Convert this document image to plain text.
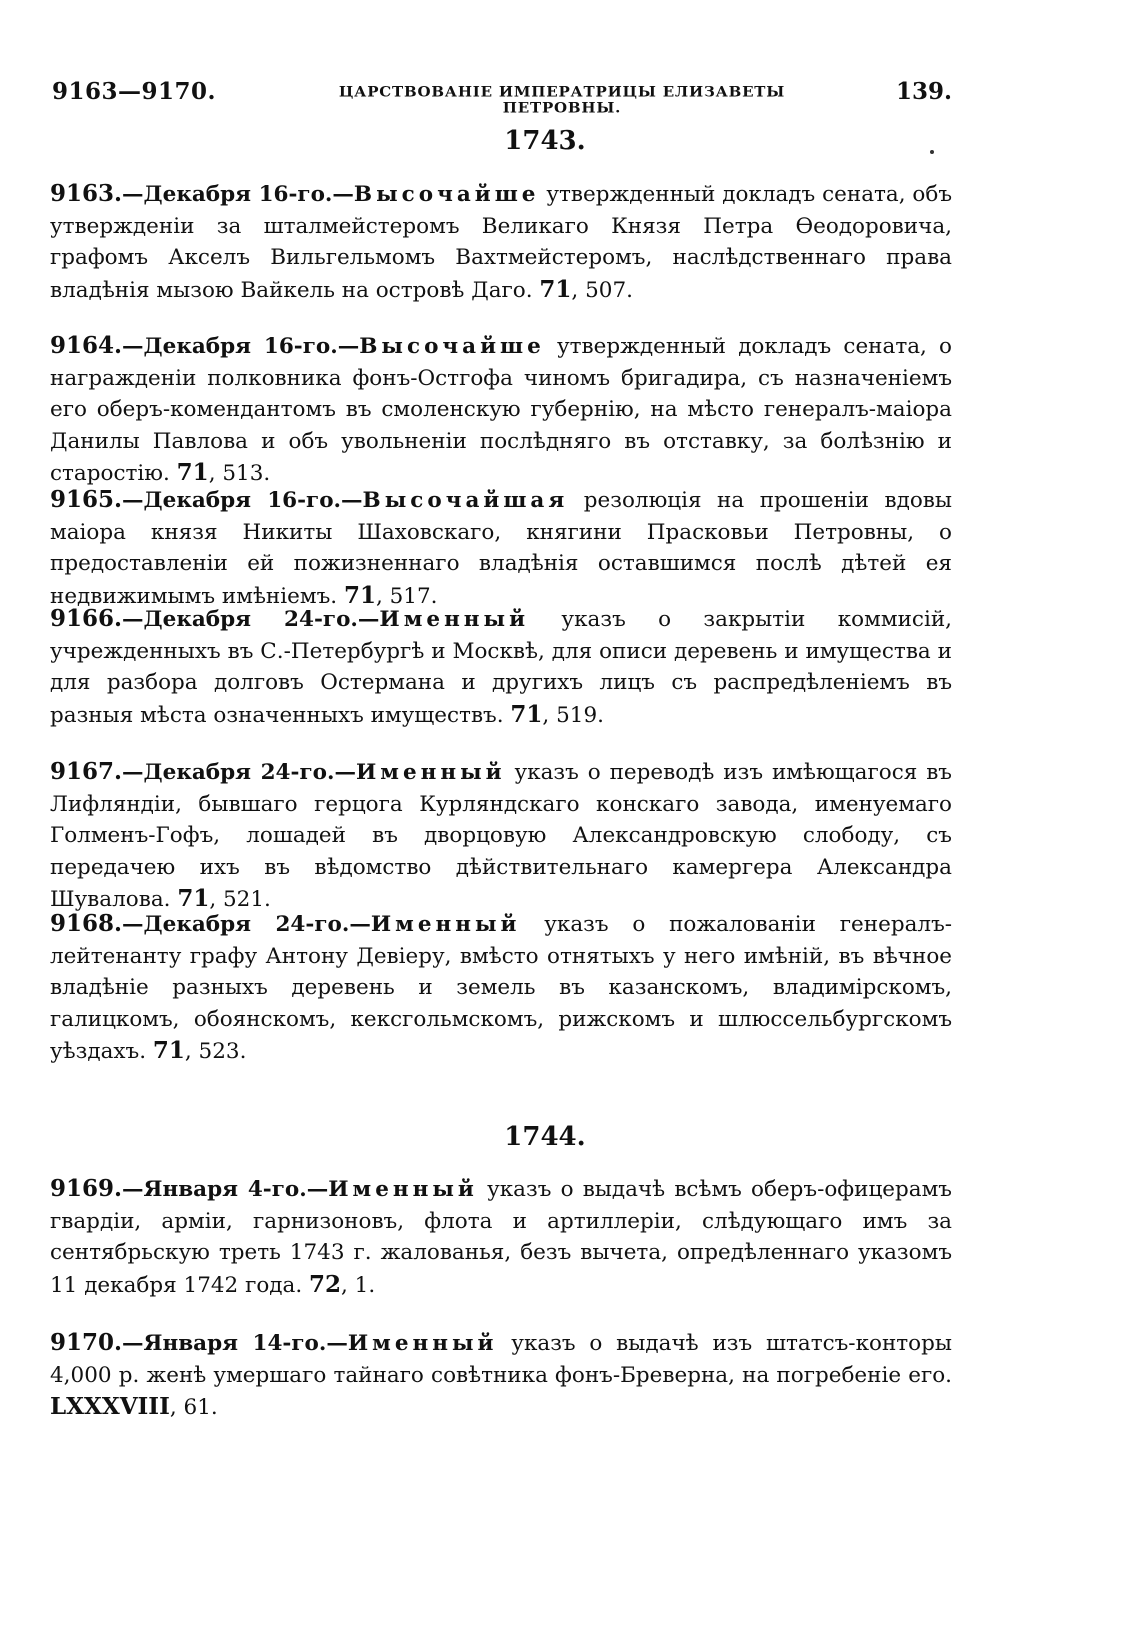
9163—9170.	ЦАРСТВОВАНІЕ ИМПЕРАТРИЦЫ ЕЛИЗАВЕТЫ ПЕТРОВНЫ.
139.
1743.
9163.—Декабря 16-го.—Высочайше утвержденный докладъ сената, объ утвержденіи за шталмейстеромъ Великаго Князя Петра Өеодоровича, графомъ Акселъ Вильгельмомъ Вахтмейстеромъ, наслѣдственнаго права владѣнія мызою Вайкель на островѣ Даго. 71, 507.
9164.—Декабря 16-го.—Высочайше утвержденный докладъ сената, о награжденіи полковника фонъ-Остгофа чиномъ бригадира, съ назначеніемъ его оберъ-комендантомъ въ смоленскую губернію, на мѣсто генералъ-маіора Данилы Павлова и объ увольненіи послѣдняго въ отставку, за болѣзнію и старостію. 71, 513.
9165.—Декабря 16-го.—Высочайшая резолюція на прошеніи вдовы маіора князя Никиты Шаховскаго, княгини Прасковьи Петровны, о предоставленіи ей пожизненнаго владѣнія оставшимся послѣ дѣтей ея недвижимымъ имѣніемъ. 71, 517.
9166.—Декабря 24-го.—Именный указъ о закрытіи коммисій, учрежденныхъ въ С.-Петербургѣ и Москвѣ, для описи деревень и имущества и для разбора долговъ Остермана и другихъ лицъ съ распредѣленіемъ въ разныя мѣста означенныхъ имуществъ. 71, 519.
9167.—Декабря 24-го.—Именный указъ о переводѣ изъ имѣющагося въ Лифляндіи, бывшаго герцога Курляндскаго конскаго завода, именуемаго Голменъ-Гофъ, лошадей въ дворцовую Александровскую слободу, съ передачею ихъ въ вѣдомство дѣйствительнаго камергера Александра Шувалова. 71, 521.
9168.—Декабря 24-го.—Именный указъ о пожалованіи генералъ-лейтенанту графу Антону Девіеру, вмѣсто отнятыхъ у него имѣній, въ вѣчное владѣніе разныхъ деревень и земель въ казанскомъ, владимірскомъ, галицкомъ, обоянскомъ, кексгольмскомъ, рижскомъ и шлюссельбургскомъ уѣздахъ. 71, 523.
1744.
9169.—Января 4-го.—Именный указъ о выдачѣ всѣмъ оберъ-офицерамъ гвардіи, арміи, гарнизоновъ, флота и артиллеріи, слѣдующаго имъ за сентябрьскую треть 1743 г. жалованья, безъ вычета, опредѣленнаго указомъ 11 декабря 1742 года. 72, 1.
9170.—Января 14-го.—Именный указъ о выдачѣ изъ штатсъ-конторы 4,000 р. женѣ умершаго тайнаго совѣтника фонъ-Бреверна, на погребеніе его. LXXXVIII, 61.
